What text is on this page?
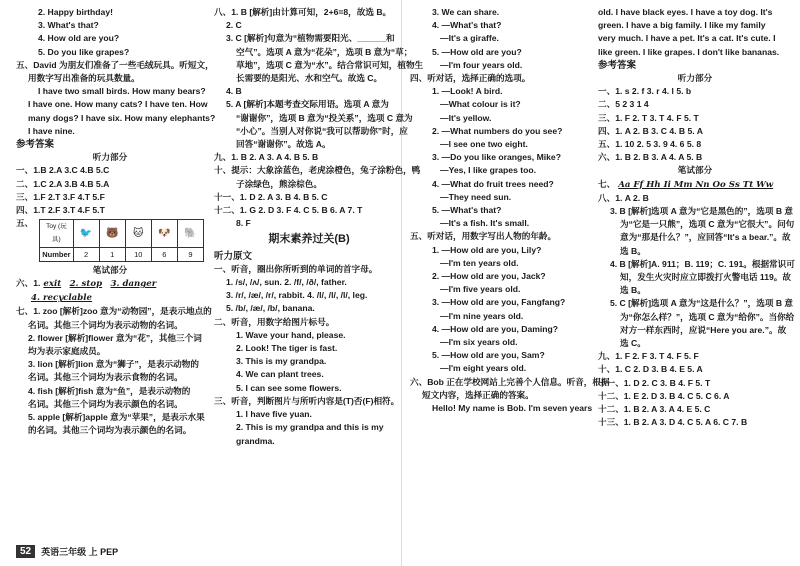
2. Happy birthday!

3. What's that?

4. How old are you?

5. Do you like grapes?

五、David 为朋友们准备了一些毛绒玩具。听短文，

用数字写出准备的玩具数量。

I have two small birds. How many bears?

I have one. How many cats? I have ten. How

many dogs? I have six. How many elephants?

I have nine.

参考答案

听力部分

一、1.B 2.A 3.C 4.B 5.C

二、1.C 2.A 3.B 4.B 5.A

三、1.F 2.T 3.F 4.T 5.F

四、1.T 2.F 3.T 4.F 5.T

五、 Toy (玩具)	🐦	🐻	🐱	🐶	🐘
Number	2	1	10	6	9

笔试部分

六、1. exit 2. stop 3. danger

4. recyclable

七、1. zoo [解析]zoo 意为“动物园”，是表示地点的

名词。其他三个词均为表示动物的名词。

2. flower [解析]flower 意为“花”，其他三个词

均为表示家庭成员。

3. lion [解析]lion 意为“狮子”，是表示动物的

名词。其他三个词均为表示食物的名词。

4. fish [解析]fish 意为“鱼”，是表示动物的

名词。其他三个词均为表示颜色的名词。

5. apple [解析]apple 意为“苹果”，是表示水果

的名词。其他三个词均为表示颜色的名词。

八、1. B [解析]由计算可知，2+6=8，故选 B。

2. C

3. C [解析]句意为“植物需要阳光、______和

空气”。选项 A 意为“花朵”，选项 B 意为“草；

草地”，选项 C 意为“水”。结合常识可知，植物生

长需要的是阳光、水和空气。故选 C。

4. B

5. A [解析]本题考查交际用语。选项 A 意为

“谢谢你”，选项 B 意为“投关系”，选项 C 意为

“小心”。当别人对你说“我可以帮助你”时，应

回答“谢谢你”。故选 A。

九、1. B 2. A 3. A 4. B 5. B

十、提示：大象涂蓝色，老虎涂橙色，兔子涂粉色，鸭

子涂绿色，熊涂棕色。

十一、1. D 2. A 3. B 4. B 5. C

十二、1. G 2. D 3. F 4. C 5. B 6. A 7. T

8. F

期末素养过关(B)

听力原文

一、听音，圈出你所听到的单词的首字母。

1. /s/, /ʌ/, sun. 2. /f/, /ð/, father.

3. /r/, /æ/, /r/, rabbit. 4. /l/, /l/, /l/, leg.

5. /b/, /æ/, /b/, banana.

二、听音，用数字给图片标号。

1. Wave your hand, please.

2. Look! The tiger is fast.

3. This is my grandpa.

4. We can plant trees.

5. I can see some flowers.

三、听音，判断图片与所听内容是(T)否(F)相符。

1. I have five yuan.

2. This is my grandpa and this is my

grandma.

3. We can share.

4. —What's that?

—It's a giraffe.

5. —How old are you?

—I'm four years old.

四、听对话，选择正确的选项。

1. —Look! A bird.

—What colour is it?

—It's yellow.

2. —What numbers do you see?

—I see one two eight.

3. —Do you like oranges, Mike?

—Yes, I like grapes too.

4. —What do fruit trees need?

—They need sun.

5. —What's that?

—It's a fish. It's small.

五、听对话，用数字写出人物的年龄。

1. —How old are you, Lily?

—I'm ten years old.

2. —How old are you, Jack?

—I'm five years old.

3. —How old are you, Fangfang?

—I'm nine years old.

4. —How old are you, Daming?

—I'm six years old.

5. —How old are you, Sam?

—I'm eight years old.

六、Bob 正在学校网站上完善个人信息。听音，根据

短文内容，选择正确的答案。

Hello! My name is Bob. I'm seven years

old. I have black eyes. I have a toy dog. It's

green. I have a big family. I like my family

very much. I have a pet. It's a cat. It's cute. I

like green. I like grapes. I don't like bananas.

参考答案

听力部分

一、1. s 2. f 3. r 4. l 5. b

二、5 2 3 1 4

三、1. F 2. T 3. T 4. F 5. T

四、1. A 2. B 3. C 4. B 5. A

五、1. 10 2. 5 3. 9 4. 6 5. 8

六、1. B 2. B 3. A 4. A 5. B

笔试部分

七、 Aa Ff Hh Ii Mm Nn Oo Ss Tt Ww

八、1. A 2. B

3. B [解析]选项 A 意为“它是黑色的”，选项 B 意

为“它是一只熊”，选项 C 意为“它很大”。问句

意为“那是什么？”，应回答“It's a bear.”。故

选 B。

4. B [解析]A. 911；B. 119；C. 191。根据常识可

知，发生火灾时应立即拨打火警电话 119。故

选 B。

5. C [解析]选项 A 意为“这是什么？”，选项 B 意

为“你怎么样？”，选项 C 意为“给你”。当你给

对方一样东西时，应说“Here you are.”。故

选 C。

九、1. F 2. F 3. T 4. F 5. F

十、1. C 2. D 3. B 4. E 5. A

十一、1. D 2. C 3. B 4. F 5. T

十二、1. E 2. D 3. B 4. C 5. C 6. A

十二、1. B 2. A 3. A 4. E 5. C

十三、1. B 2. A 3. D 4. C 5. A 6. C 7. B

52	英语三年级 上 PEP
